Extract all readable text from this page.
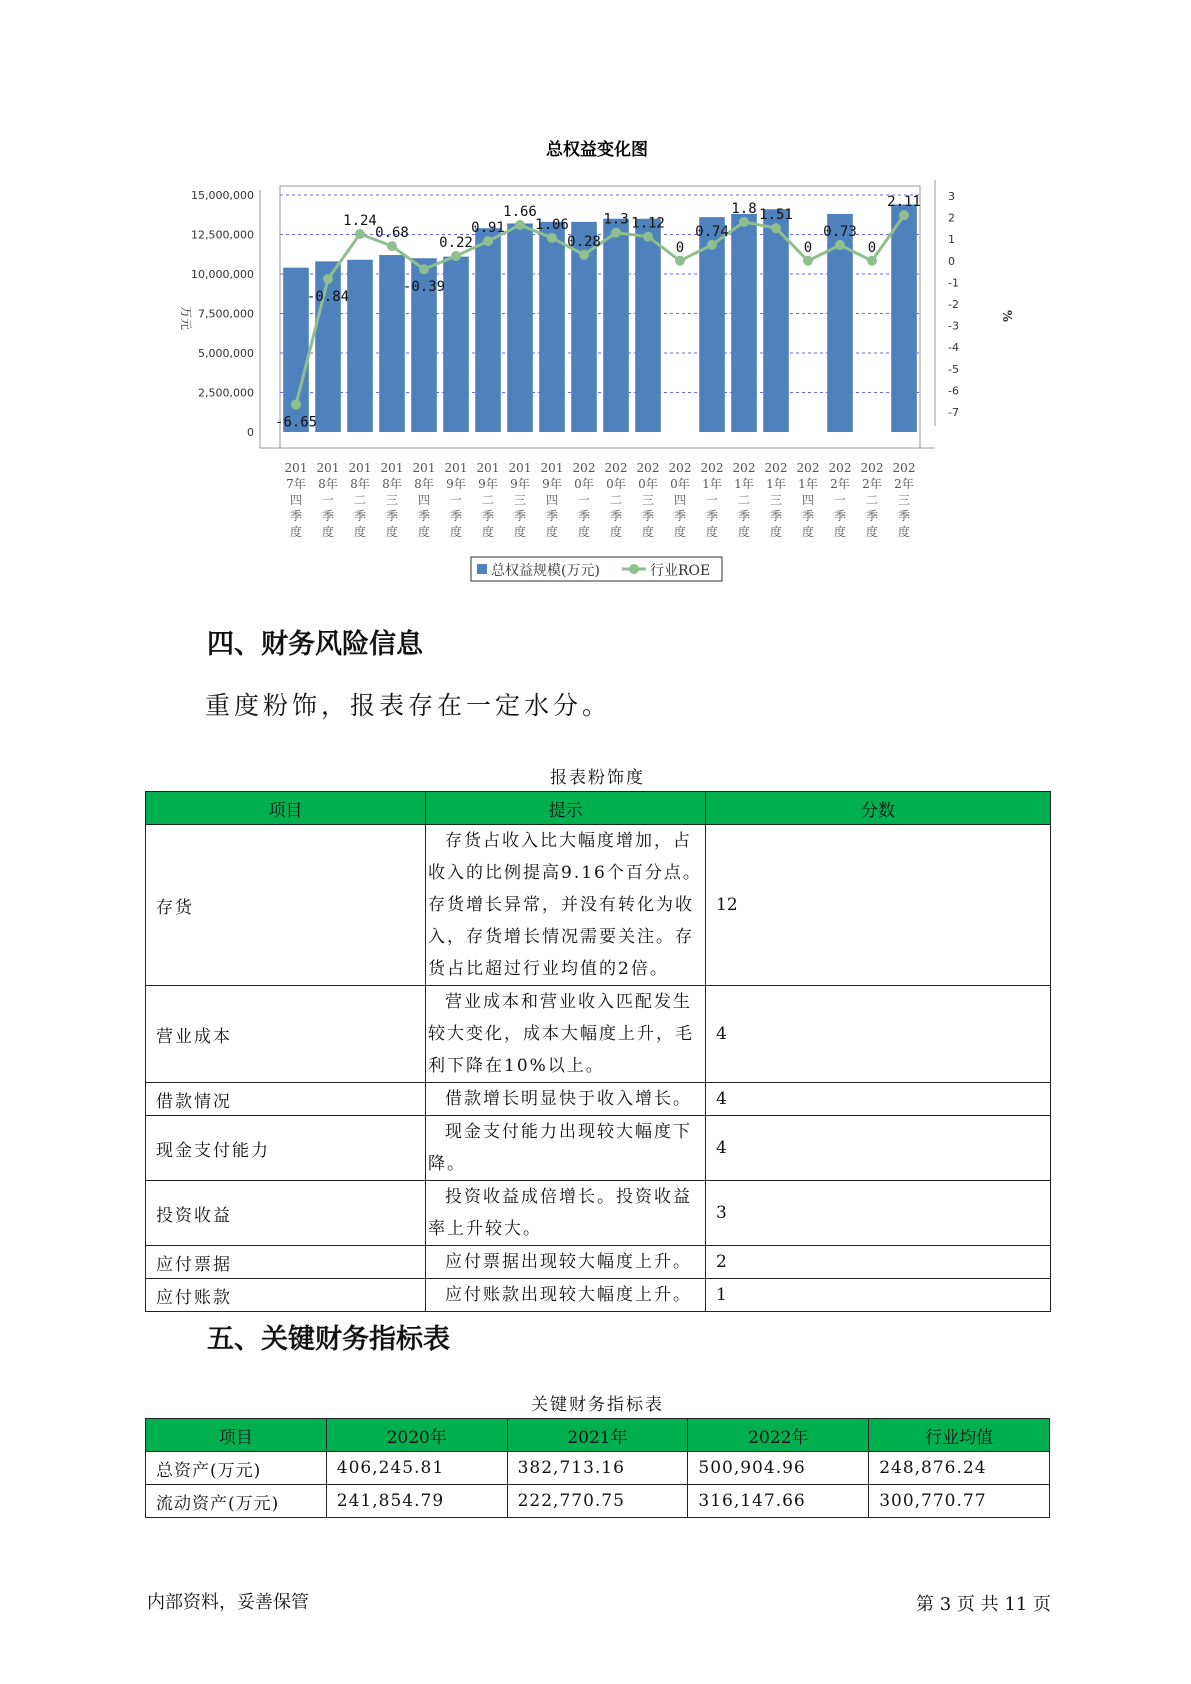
总权益变化图
0
2,500,000
5,000,000
7,500,000
10,000,000
12,500,000
15,000,000
-7
-6
-5
-4
-3
-2
-1
0
1
2
3
201 7年四季度
201 8年一季度
201 8年二季度
201 8年三季度
201 8年四季度
201 9年一季度
201 9年二季度
201 9年三季度
201 9年四季度
202 0年一季度
202 0年二季度
202 0年三季度
202 0年四季度
202 1年一季度
202 1年二季度
202 1年三季度
202 1年四季度
202 2年一季度
202 2年二季度
202 2年三季度
-6.65
-0.84
1.24
0.68
-0.39
0.22
0.91
1.66
1.06
0.28
1.3 1.12
0
0.74
1.8 1.51
0
0.73
0
2.11
万元	%
总权益规模(万元)	行业ROE
四、财务风险信息

重度粉饰，报表存在一定水分。

报表粉饰度
项目	提示	分数
存货	存货占收入比大幅度增加，占收入的比例提高9.16个百分点。存货增长异常，并没有转化为收入，存货增长情况需要关注。存货占比超过行业均值的2倍。	12
营业成本	营业成本和营业收入匹配发生较大变化，成本大幅度上升，毛利下降在10%以上。	4
借款情况	借款增长明显快于收入增长。	4
现金支付能力	现金支付能力出现较大幅度下降。	4
投资收益	投资收益成倍增长。投资收益率上升较大。	3
应付票据	应付票据出现较大幅度上升。	2
应付账款	应付账款出现较大幅度上升。	1
五、关键财务指标表
关键财务指标表
项目	2020年	2021年	2022年	行业均值
总资产(万元)	406,245.81	382,713.16	500,904.96	248,876.24
流动资产(万元)	241,854.79	222,770.75	316,147.66	300,770.77
内部资料，妥善保管	第 3 页 共 11 页
